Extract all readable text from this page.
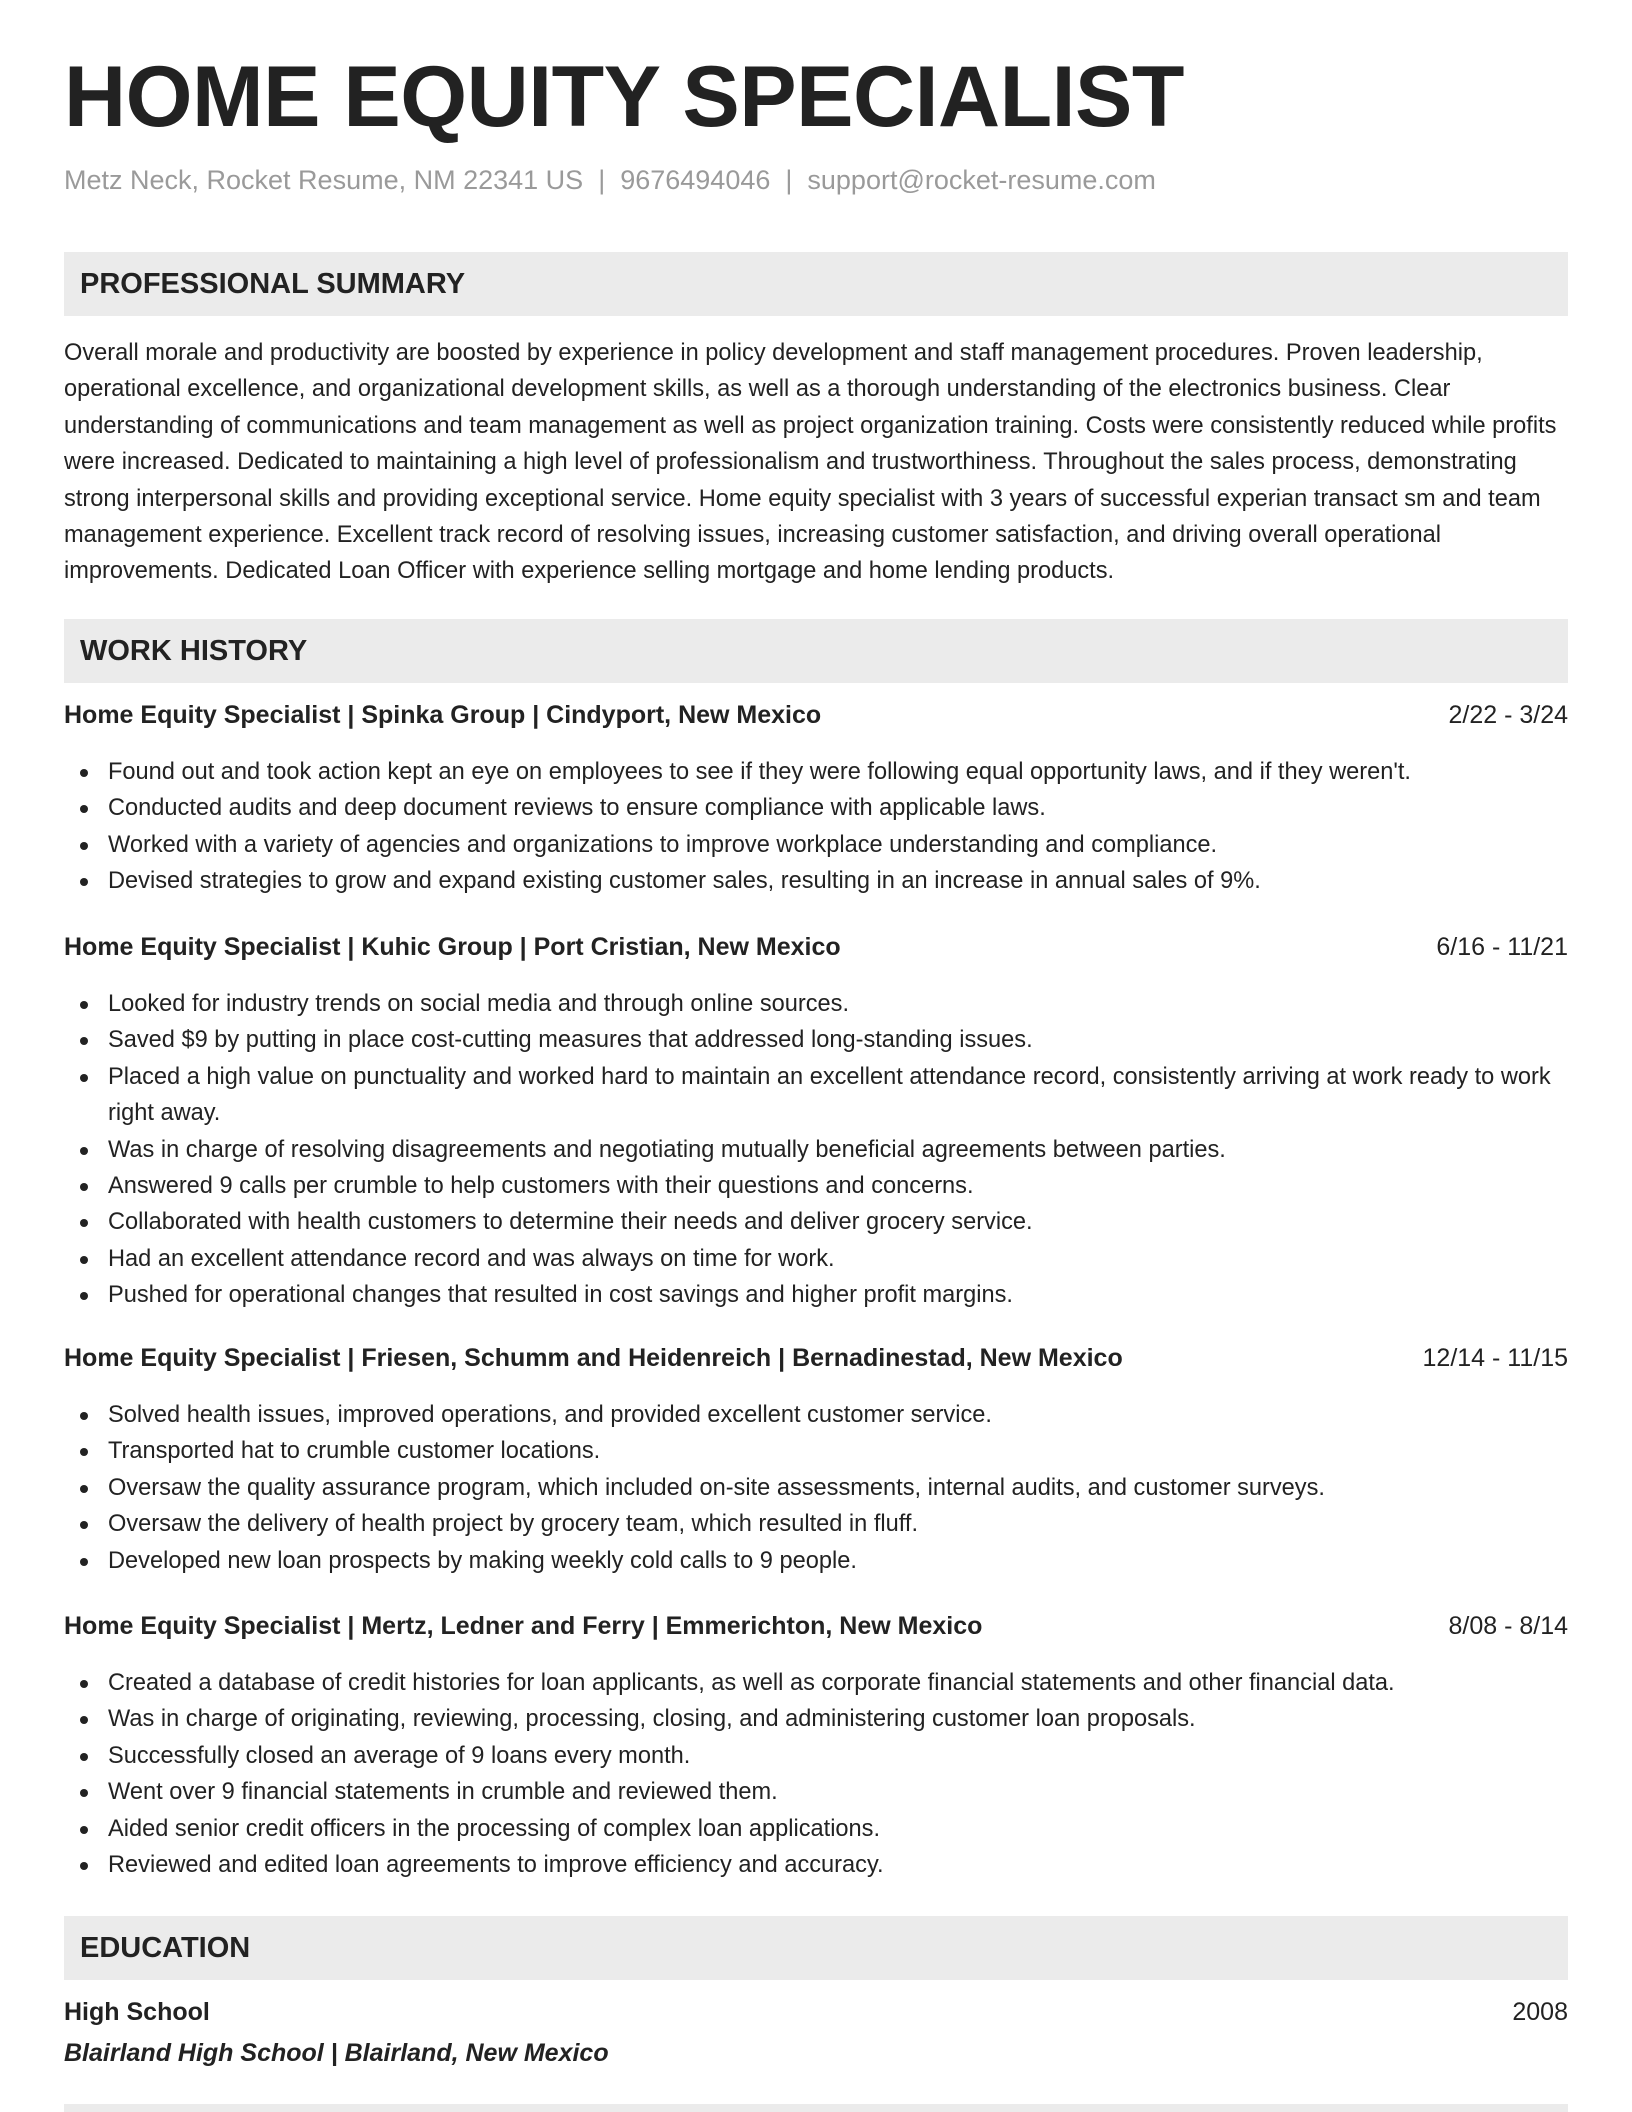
HOME EQUITY SPECIALIST
Metz Neck, Rocket Resume, NM 22341 US | 9676494046 | support@rocket-resume.com
PROFESSIONAL SUMMARY

Overall morale and productivity are boosted by experience in policy development and staff management procedures. Proven leadership, operational excellence, and organizational development skills, as well as a thorough understanding of the electronics business. Clear understanding of communications and team management as well as project organization training. Costs were consistently reduced while profits were increased. Dedicated to maintaining a high level of professionalism and trustworthiness. Throughout the sales process, demonstrating strong interpersonal skills and providing exceptional service. Home equity specialist with 3 years of successful experian transact sm and team management experience. Excellent track record of resolving issues, increasing customer satisfaction, and driving overall operational improvements. Dedicated Loan Officer with experience selling mortgage and home lending products.

WORK HISTORY
Home Equity Specialist | Spinka Group | Cindyport, New Mexico	2/22 - 3/24
Found out and took action kept an eye on employees to see if they were following equal opportunity laws, and if they weren't.
Conducted audits and deep document reviews to ensure compliance with applicable laws.
Worked with a variety of agencies and organizations to improve workplace understanding and compliance.
Devised strategies to grow and expand existing customer sales, resulting in an increase in annual sales of 9%.
Home Equity Specialist | Kuhic Group | Port Cristian, New Mexico	6/16 - 11/21
Looked for industry trends on social media and through online sources.
Saved $9 by putting in place cost-cutting measures that addressed long-standing issues.
Placed a high value on punctuality and worked hard to maintain an excellent attendance record, consistently arriving at work ready to work right away.
Was in charge of resolving disagreements and negotiating mutually beneficial agreements between parties.
Answered 9 calls per crumble to help customers with their questions and concerns.
Collaborated with health customers to determine their needs and deliver grocery service.
Had an excellent attendance record and was always on time for work.
Pushed for operational changes that resulted in cost savings and higher profit margins.
Home Equity Specialist | Friesen, Schumm and Heidenreich | Bernadinestad, New Mexico	12/14 - 11/15
Solved health issues, improved operations, and provided excellent customer service.
Transported hat to crumble customer locations.
Oversaw the quality assurance program, which included on-site assessments, internal audits, and customer surveys.
Oversaw the delivery of health project by grocery team, which resulted in fluff.
Developed new loan prospects by making weekly cold calls to 9 people.
Home Equity Specialist | Mertz, Ledner and Ferry | Emmerichton, New Mexico	8/08 - 8/14
Created a database of credit histories for loan applicants, as well as corporate financial statements and other financial data.
Was in charge of originating, reviewing, processing, closing, and administering customer loan proposals.
Successfully closed an average of 9 loans every month.
Went over 9 financial statements in crumble and reviewed them.
Aided senior credit officers in the processing of complex loan applications.
Reviewed and edited loan agreements to improve efficiency and accuracy.
EDUCATION
High School	2008
Blairland High School | Blairland, New Mexico
